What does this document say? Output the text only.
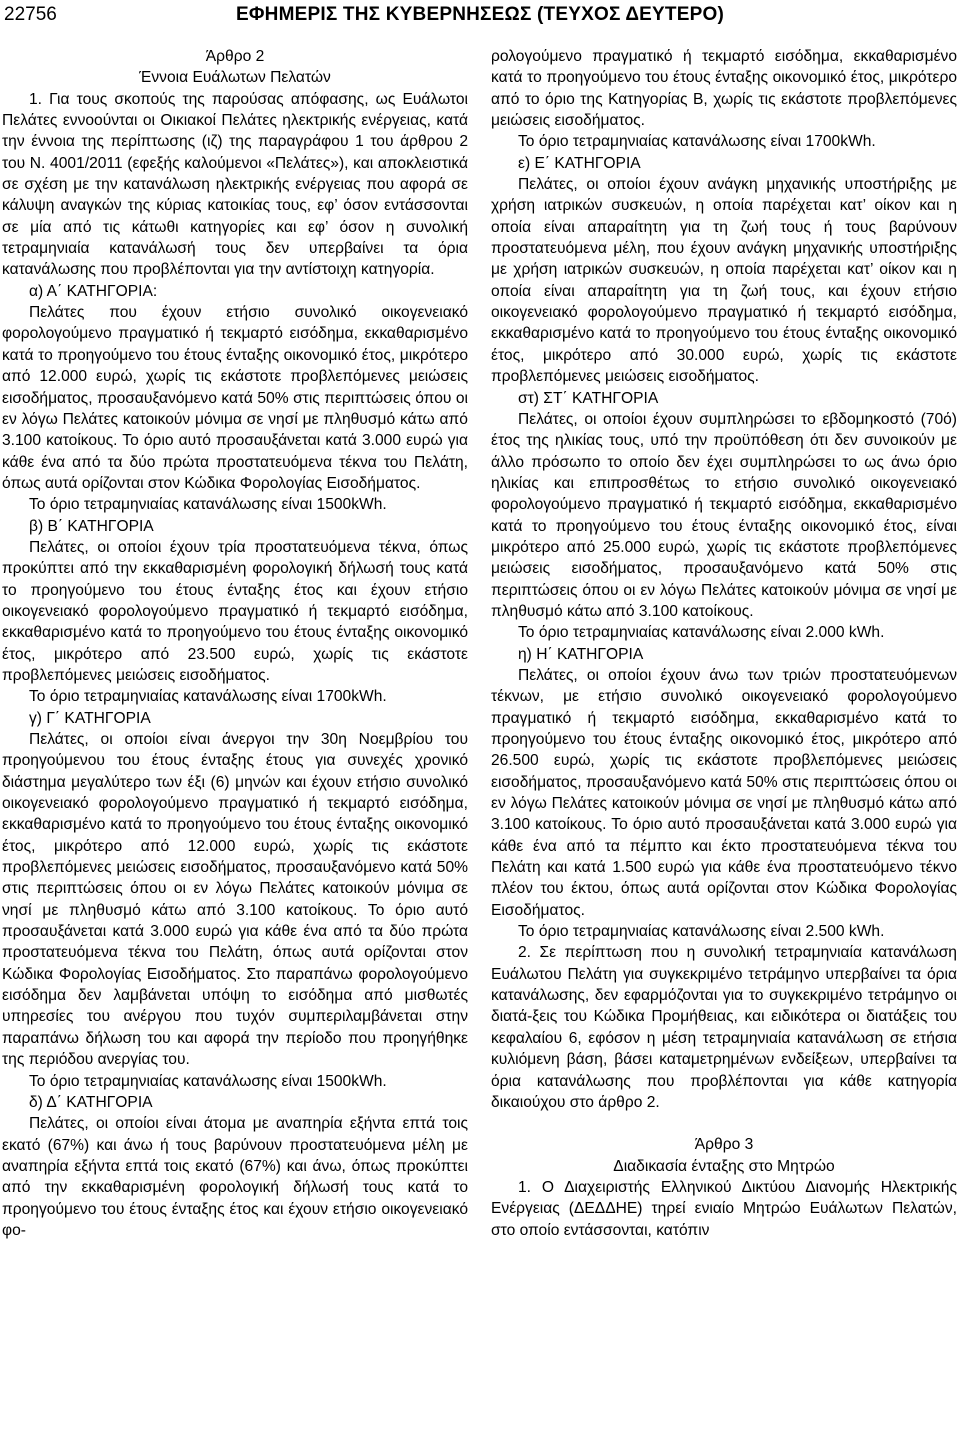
22756	ΕΦΗΜΕΡΙΣ ΤΗΣ ΚΥΒΕΡΝΗΣΕΩΣ (ΤΕΥΧΟΣ ΔΕΥΤΕΡΟ)

Άρθρο 2

Έννοια Ευάλωτων Πελατών

1. Για τους σκοπούς της παρούσας απόφασης, ως Ευάλωτοι Πελάτες εννοούνται οι Οικιακοί Πελάτες ηλεκτρικής ενέργειας, κατά την έννοια της περίπτωσης (ιζ) της παραγράφου 1 του άρθρου 2 του Ν. 4001/2011 (εφεξής καλούμενοι «Πελάτες»), και αποκλειστικά σε σχέση με την κατανάλωση ηλεκτρικής ενέργειας που αφορά σε κάλυψη αναγκών της κύριας κατοικίας τους, εφ’ όσον εντάσσονται σε μία από τις κάτωθι κατηγορίες και εφ’ όσον η συνολική τετραμηνιαία κατανάλωσή τους δεν υπερβαίνει τα όρια κατανάλωσης που προβλέπονται για την αντίστοιχη κατηγορία.

α) Α΄ ΚΑΤΗΓΟΡΙΑ:

Πελάτες που έχουν ετήσιο συνολικό οικογενειακό φορολογούμενο πραγματικό ή τεκμαρτό εισόδημα, εκκαθαρισμένο κατά το προηγούμενο του έτους ένταξης οικονομικό έτος, μικρότερο από 12.000 ευρώ, χωρίς τις εκάστοτε προβλεπόμενες μειώσεις εισοδήματος, προσαυξανόμενο κατά 50% στις περιπτώσεις όπου οι εν λόγω Πελάτες κατοικούν μόνιμα σε νησί με πληθυσμό κάτω από 3.100 κατοίκους. Το όριο αυτό προσαυξάνεται κατά 3.000 ευρώ για κάθε ένα από τα δύο πρώτα προστατευόμενα τέκνα του Πελάτη, όπως αυτά ορίζονται στον Κώδικα Φορολογίας Εισοδήματος.

Το όριο τετραμηνιαίας κατανάλωσης είναι 1500kWh.

β) Β΄ ΚΑΤΗΓΟΡΙΑ

Πελάτες, οι οποίοι έχουν τρία προστατευόμενα τέκνα, όπως προκύπτει από την εκκαθαρισμένη φορολογική δήλωσή τους κατά το προηγούμενο του έτους ένταξης έτος και έχουν ετήσιο οικογενειακό φορολογούμενο πραγματικό ή τεκμαρτό εισόδημα, εκκαθαρισμένο κατά το προηγούμενο του έτους ένταξης οικονομικό έτος, μικρότερο από 23.500 ευρώ, χωρίς τις εκάστοτε προβλεπόμενες μειώσεις εισοδήματος.

Το όριο τετραμηνιαίας κατανάλωσης είναι 1700kWh.

γ) Γ΄ ΚΑΤΗΓΟΡΙΑ

Πελάτες, οι οποίοι είναι άνεργοι την 30η Νοεμβρίου του προηγούμενου του έτους ένταξης έτους για συνεχές χρονικό διάστημα μεγαλύτερο των έξι (6) μηνών και έχουν ετήσιο συνολικό οικογενειακό φορολογούμενο πραγματικό ή τεκμαρτό εισόδημα, εκκαθαρισμένο κατά το προηγούμενο του έτους ένταξης οικονομικό έτος, μικρότερο από 12.000 ευρώ, χωρίς τις εκάστοτε προβλεπόμενες μειώσεις εισοδήματος, προσαυξανόμενο κατά 50% στις περιπτώσεις όπου οι εν λόγω Πελάτες κατοικούν μόνιμα σε νησί με πληθυσμό κάτω από 3.100 κατοίκους. Το όριο αυτό προσαυξάνεται κατά 3.000 ευρώ για κάθε ένα από τα δύο πρώτα προστατευόμενα τέκνα του Πελάτη, όπως αυτά ορίζονται στον Κώδικα Φορολογίας Εισοδήματος. Στο παραπάνω φορολογούμενο εισόδημα δεν λαμβάνεται υπόψη το εισόδημα από μισθωτές υπηρεσίες του ανέργου που τυχόν συμπεριλαμβάνεται στην παραπάνω δήλωση του και αφορά την περίοδο που προηγήθηκε της περιόδου ανεργίας του.

Το όριο τετραμηνιαίας κατανάλωσης είναι 1500kWh.

δ) Δ΄ ΚΑΤΗΓΟΡΙΑ

Πελάτες, οι οποίοι είναι άτομα με αναπηρία εξήντα επτά τοις εκατό (67%) και άνω ή τους βαρύνουν προστατευόμενα μέλη με αναπηρία εξήντα επτά τοις εκατό (67%) και άνω, όπως προκύπτει από την εκκαθαρισμένη φορολογική δήλωσή τους κατά το προηγούμενο του έτους ένταξης έτος και έχουν ετήσιο οικογενειακό φο-

ρολογούμενο πραγματικό ή τεκμαρτό εισόδημα, εκκαθαρισμένο κατά το προηγούμενο του έτους ένταξης οικονομικό έτος, μικρότερο από το όριο της Κατηγορίας Β, χωρίς τις εκάστοτε προβλεπόμενες μειώσεις εισοδήματος.

Το όριο τετραμηνιαίας κατανάλωσης είναι 1700kWh.

ε) Ε΄ ΚΑΤΗΓΟΡΙΑ

Πελάτες, οι οποίοι έχουν ανάγκη μηχανικής υποστήριξης με χρήση ιατρικών συσκευών, η οποία παρέχεται κατ’ οίκον και η οποία είναι απαραίτητη για τη ζωή τους ή τους βαρύνουν προστατευόμενα μέλη, που έχουν ανάγκη μηχανικής υποστήριξης με χρήση ιατρικών συσκευών, η οποία παρέχεται κατ’ οίκον και η οποία είναι απαραίτητη για τη ζωή τους, και έχουν ετήσιο οικογενειακό φορολογούμενο πραγματικό ή τεκμαρτό εισόδημα, εκκαθαρισμένο κατά το προηγούμενο του έτους ένταξης οικονομικό έτος, μικρότερο από 30.000 ευρώ, χωρίς τις εκάστοτε προβλεπόμενες μειώσεις εισοδήματος.

στ) ΣΤ΄ ΚΑΤΗΓΟΡΙΑ

Πελάτες, οι οποίοι έχουν συμπληρώσει το εβδομηκοστό (70ό) έτος της ηλικίας τους, υπό την προϋπόθεση ότι δεν συνοικούν με άλλο πρόσωπο το οποίο δεν έχει συμπληρώσει το ως άνω όριο ηλικίας και επιπροσθέτως το ετήσιο συνολικό οικογενειακό φορολογούμενο πραγματικό ή τεκμαρτό εισόδημα, εκκαθαρισμένο κατά το προηγούμενο του έτους ένταξης οικονομικό έτος, είναι μικρότερο από 25.000 ευρώ, χωρίς τις εκάστοτε προβλεπόμενες μειώσεις εισοδήματος, προσαυξανόμενο κατά 50% στις περιπτώσεις όπου οι εν λόγω Πελάτες κατοικούν μόνιμα σε νησί με πληθυσμό κάτω από 3.100 κατοίκους.

Το όριο τετραμηνιαίας κατανάλωσης είναι 2.000 kWh.

η) Η΄ ΚΑΤΗΓΟΡΙΑ

Πελάτες, οι οποίοι έχουν άνω των τριών προστατευόμενων τέκνων, με ετήσιο συνολικό οικογενειακό φορολογούμενο πραγματικό ή τεκμαρτό εισόδημα, εκκαθαρισμένο κατά το προηγούμενο του έτους ένταξης οικονομικό έτος, μικρότερο από 26.500 ευρώ, χωρίς τις εκάστοτε προβλεπόμενες μειώσεις εισοδήματος, προσαυξανόμενο κατά 50% στις περιπτώσεις όπου οι εν λόγω Πελάτες κατοικούν μόνιμα σε νησί με πληθυσμό κάτω από 3.100 κατοίκους. Το όριο αυτό προσαυξάνεται κατά 3.000 ευρώ για κάθε ένα από τα πέμπτο και έκτο προστατευόμενα τέκνα του Πελάτη και κατά 1.500 ευρώ για κάθε ένα προστατευόμενο τέκνο πλέον του έκτου, όπως αυτά ορίζονται στον Κώδικα Φορολογίας Εισοδήματος.

Το όριο τετραμηνιαίας κατανάλωσης είναι 2.500 kWh.

2. Σε περίπτωση που η συνολική τετραμηνιαία κατανάλωση Ευάλωτου Πελάτη για συγκεκριμένο τετράμηνο υπερβαίνει τα όρια κατανάλωσης, δεν εφαρμόζονται για το συγκεκριμένο τετράμηνο οι διατά-ξεις του Κώδικα Προμήθειας, και ειδικότερα οι διατάξεις του κεφαλαίου 6, εφόσον η μέση τετραμηνιαία κατανάλωση σε ετήσια κυλιόμενη βάση, βάσει καταμετρημένων ενδείξεων, υπερβαίνει τα όρια κατανάλωσης που προβλέπονται για κάθε κατηγορία δικαιούχου στο άρθρο 2.

Άρθρο 3

Διαδικασία ένταξης στο Μητρώο

1. Ο Διαχειριστής Ελληνικού Δικτύου Διανομής Ηλεκτρικής Ενέργειας (ΔΕΔΔΗΕ) τηρεί ενιαίο Μητρώο Ευάλωτων Πελατών, στο οποίο εντάσσονται, κατόπιν
